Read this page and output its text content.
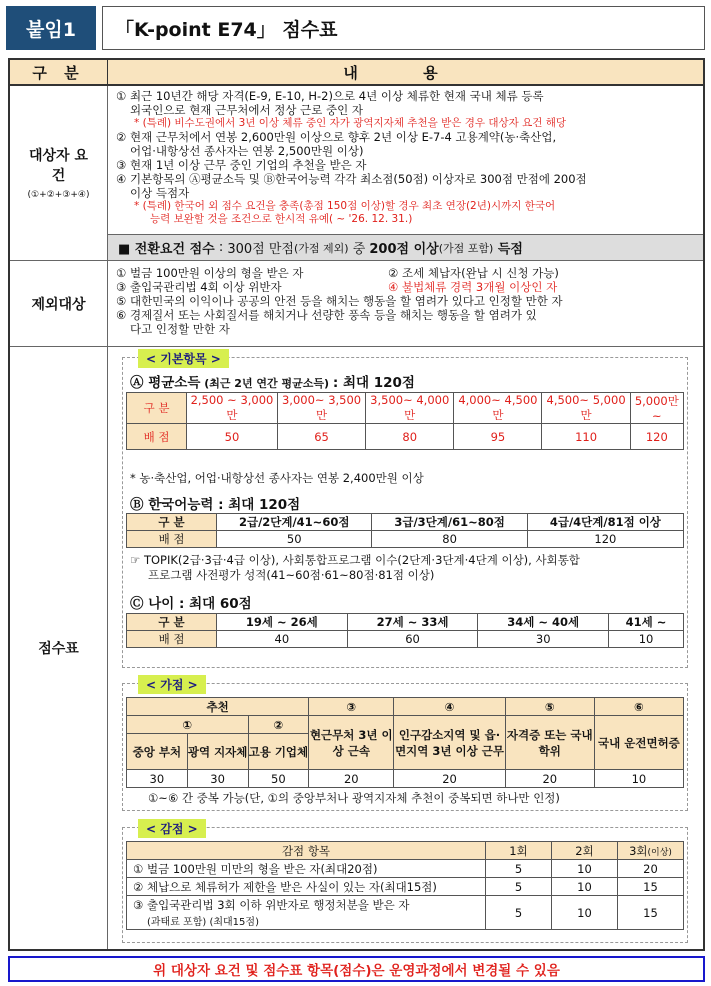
붙임1	「K-point E74」 점수표
구 분	내 용
대상자 요건
(①+②+③+④)
① 최근 10년간 해당 자격(E-9, E-10, H-2)으로 4년 이상 체류한 현재 국내 체류 등록
외국인으로 현재 근무처에서 정상 근로 중인 자
* (특례) 비수도권에서 3년 이상 체류 중인 자가 광역지자체 추천을 받은 경우 대상자 요건 해당
② 현재 근무처에서 연봉 2,600만원 이상으로 향후 2년 이상 E-7-4 고용계약(농·축산업,
어업·내항상선 종사자는 연봉 2,500만원 이상)
③ 현재 1년 이상 근무 중인 기업의 추천을 받은 자
④ 기본항목의 Ⓐ평균소득 및 Ⓑ한국어능력 각각 최소점(50점) 이상자로 300점 만점에 200점
이상 득점자
* (특례) 한국어 외 점수 요건을 충족(총점 150점 이상)할 경우 최초 연장(2년)시까지 한국어
능력 보완할 것을 조건으로 한시적 유예( ~ '26. 12. 31.)
■ 전환요건 점수 : 300점 만점 (가점 제외) 중 200점 이상 (가점 포함) 득점
제외대상
① 벌금 100만원 이상의 형을 받은 자	② 조세 체납자(완납 시 신청 가능)
③ 출입국관리법 4회 이상 위반자	④ 불법체류 경력 3개월 이상인 자
⑤ 대한민국의 이익이나 공공의 안전 등을 해치는 행동을 할 염려가 있다고 인정할 만한 자
⑥ 경제질서 또는 사회질서를 해치거나 선량한 풍속 등을 해치는 행동을 할 염려가 있
다고 인정할 만한 자
점수표
< 기본항목 >
Ⓐ 평균소득 (최근 2년 연간 평균소득) : 최대 120점
구 분	2,500 ~ 3,000만	3,000~ 3,500만	3,500~ 4,000만	4,000~ 4,500만	4,500~ 5,000만	5,000만~
배 점	50	65	80	95	110	120
* 농·축산업, 어업·내항상선 종사자는 연봉 2,400만원 이상
Ⓑ 한국어능력 : 최대 120점
구 분	2급/2단계/41~60점	3급/3단계/61~80점	4급/4단계/81점 이상
배 점	50	80	120
☞ TOPIK(2급·3급·4급 이상), 사회통합프로그램 이수(2단계·3단계·4단계 이상), 사회통합
프로그램 사전평가 성적(41~60점·61~80점·81점 이상)
Ⓒ 나이 : 최대 60점
구 분	19세 ~ 26세	27세 ~ 33세	34세 ~ 40세	41세 ~
배 점	40	60	30	10
< 가점 >
추천			③	④	⑤	⑥
①		②	현근무처 3년 이상 근속	인구감소지역 및 읍·면지역 3년 이상 근무	자격증 또는 국내 학위	국내 운전면허증
중앙 부처	광역 지자체	고용 기업체				
30	30	50	20	20	20	10
①~⑥ 간 중복 가능(단, ①의 중앙부처나 광역지자체 추천이 중복되면 하나만 인정)
< 감점 >
감점 항목	1회	2회	3회(이상)
① 벌금 100만원 미만의 형을 받은 자(최대20점)	5	10	20
② 체납으로 체류허가 제한을 받은 사실이 있는 자(최대15점)	5	10	15

③ 출입국관리법 3회 이하 위반자로 행정처분을 받은 자
(과태료 포함) (최대15점)	5	10	15
위 대상자 요건 및 점수표 항목(점수)은 운영과정에서 변경될 수 있음
